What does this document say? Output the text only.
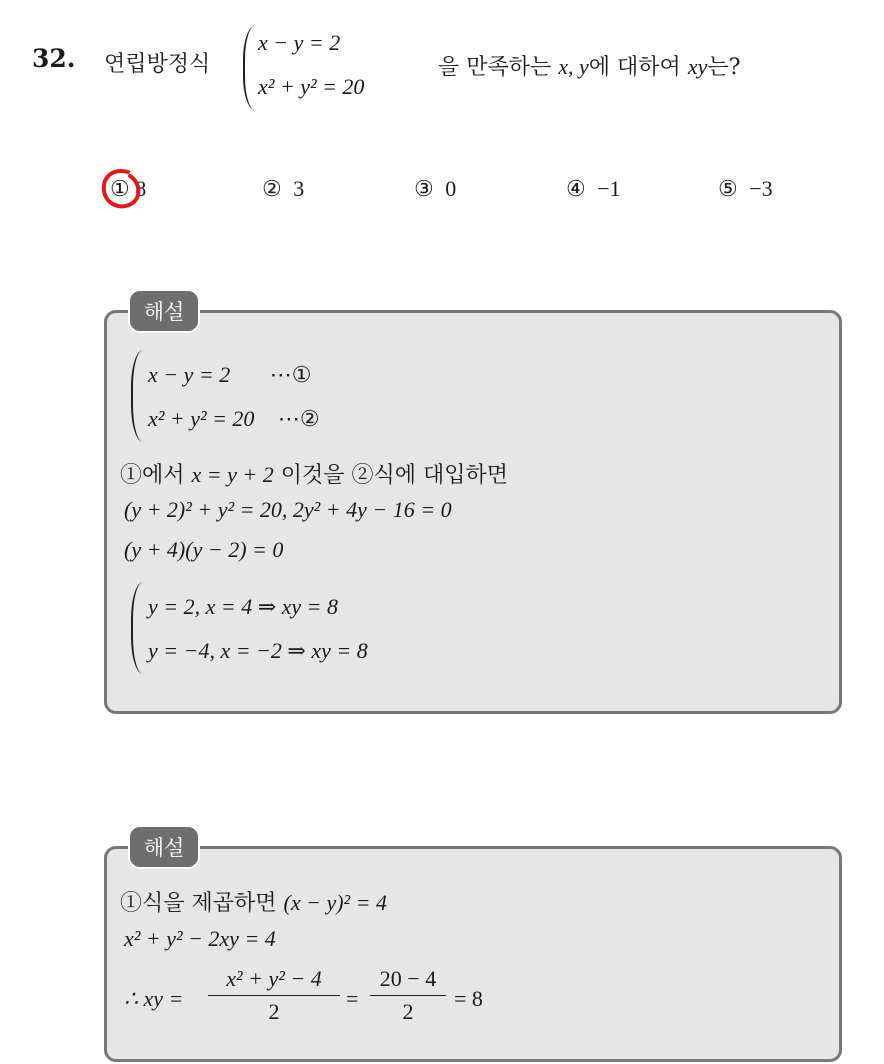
32. 연립방정식
x − y = 2
x² + y² = 20
을 만족하는 x, y에 대하여 xy는?
① 8	② 3	③ 0	④ −1	⑤ −3
해설
x − y = 2 ⋯①
x² + y² = 20 ⋯②
①에서 x = y + 2 이것을 ②식에 대입하면
(y + 2)² + y² = 20, 2y² + 4y − 16 = 0
(y + 4)(y − 2) = 0
y = 2, x = 4 ⇒ xy = 8
y = −4, x = −2 ⇒ xy = 8
해설
①식을 제곱하면 (x − y)² = 4
x² + y² − 2xy = 4
∴ xy =
x² + y² − 4
2
=
20 − 4
2
= 8
